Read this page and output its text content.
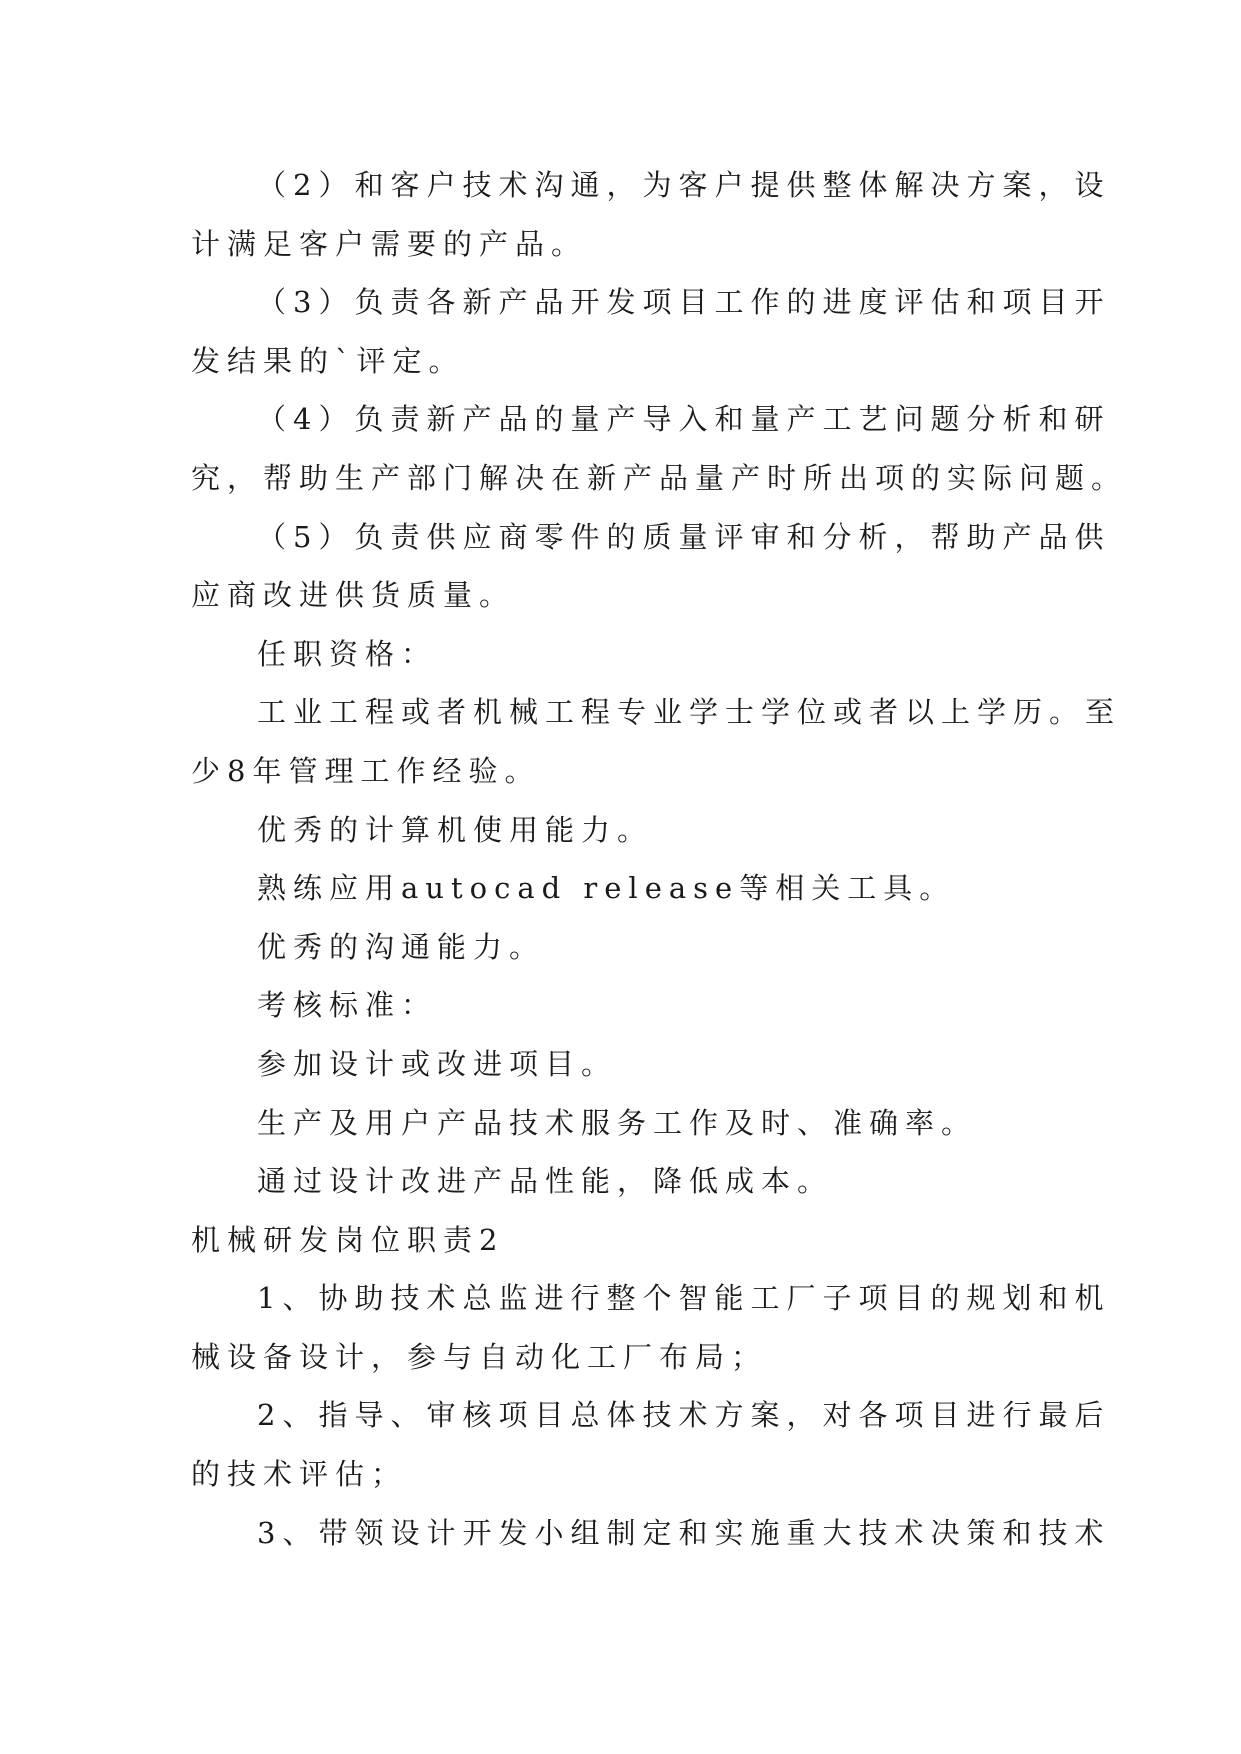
（2）和客户技术沟通，为客户提供整体解决方案，设
计满足客户需要的产品。
（3）负责各新产品开发项目工作的进度评估和项目开
发结果的`评定。
（4）负责新产品的量产导入和量产工艺问题分析和研
究，帮助生产部门解决在新产品量产时所出项的实际问题。
（5）负责供应商零件的质量评审和分析，帮助产品供
应商改进供货质量。
任职资格：
工业工程或者机械工程专业学士学位或者以上学历。至
少8年管理工作经验。
优秀的计算机使用能力。
熟练应用autocad release等相关工具。
优秀的沟通能力。
考核标准：
参加设计或改进项目。
生产及用户产品技术服务工作及时、准确率。
通过设计改进产品性能，降低成本。
机械研发岗位职责2
1、协助技术总监进行整个智能工厂子项目的规划和机
械设备设计，参与自动化工厂布局；
2、指导、审核项目总体技术方案，对各项目进行最后
的技术评估；
3、带领设计开发小组制定和实施重大技术决策和技术
